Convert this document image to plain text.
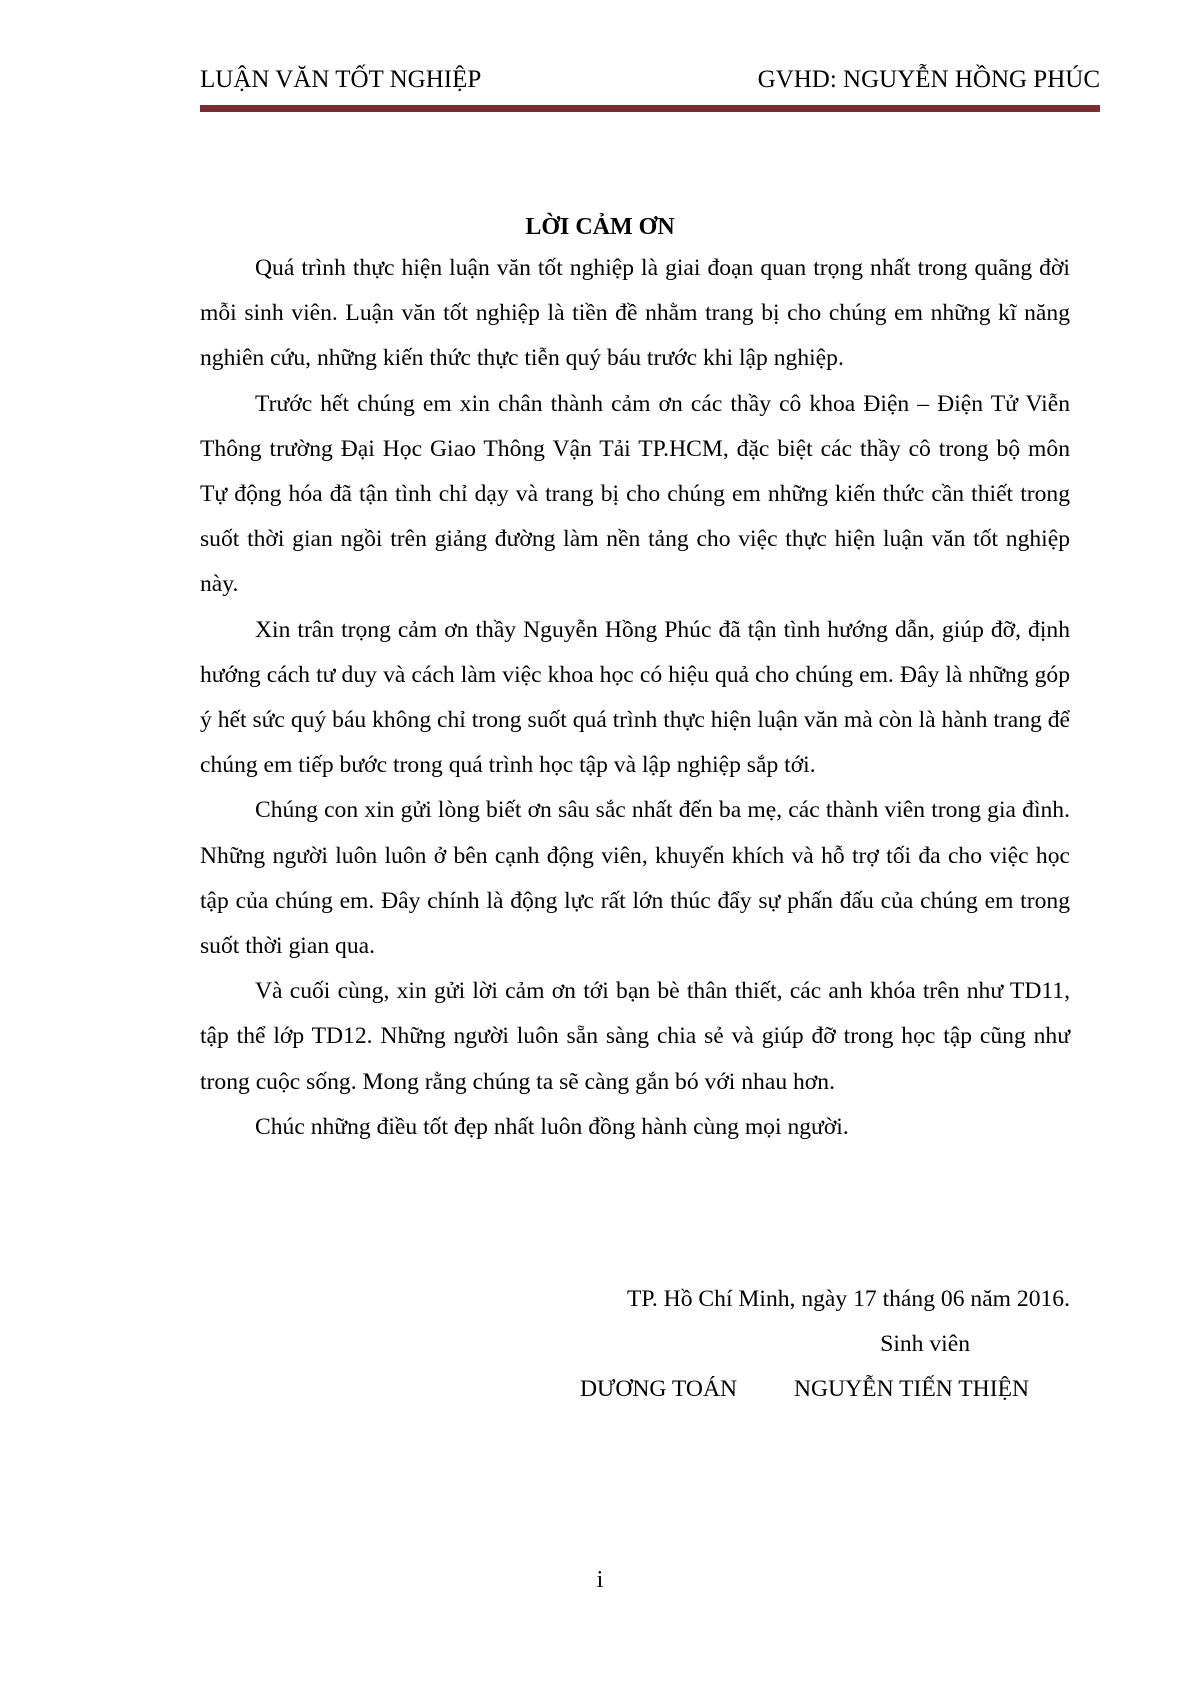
LUẬN VĂN TỐT NGHIỆP	GVHD: NGUYỄN HỒNG PHÚC
LỜI CẢM ƠN

Quá trình thực hiện luận văn tốt nghiệp là giai đoạn quan trọng nhất trong quãng đời mỗi sinh viên. Luận văn tốt nghiệp là tiền đề nhằm trang bị cho chúng em những kĩ năng nghiên cứu, những kiến thức thực tiễn quý báu trước khi lập nghiệp.

Trước hết chúng em xin chân thành cảm ơn các thầy cô khoa Điện – Điện Tử Viễn Thông trường Đại Học Giao Thông Vận Tải TP.HCM, đặc biệt các thầy cô trong bộ môn Tự động hóa đã tận tình chỉ dạy và trang bị cho chúng em những kiến thức cần thiết trong suốt thời gian ngồi trên giảng đường làm nền tảng cho việc thực hiện luận văn tốt nghiệp này.

Xin trân trọng cảm ơn thầy Nguyễn Hồng Phúc đã tận tình hướng dẫn, giúp đỡ, định hướng cách tư duy và cách làm việc khoa học có hiệu quả cho chúng em. Đây là những góp ý hết sức quý báu không chỉ trong suốt quá trình thực hiện luận văn mà còn là hành trang để chúng em tiếp bước trong quá trình học tập và lập nghiệp sắp tới.

Chúng con xin gửi lòng biết ơn sâu sắc nhất đến ba mẹ, các thành viên trong gia đình. Những người luôn luôn ở bên cạnh động viên, khuyến khích và hỗ trợ tối đa cho việc học tập của chúng em. Đây chính là động lực rất lớn thúc đẩy sự phấn đấu của chúng em trong suốt thời gian qua.

Và cuối cùng, xin gửi lời cảm ơn tới bạn bè thân thiết, các anh khóa trên như TD11, tập thể lớp TD12. Những người luôn sẵn sàng chia sẻ và giúp đỡ trong học tập cũng như trong cuộc sống. Mong rằng chúng ta sẽ càng gắn bó với nhau hơn.

Chúc những điều tốt đẹp nhất luôn đồng hành cùng mọi người.

TP. Hồ Chí Minh, ngày 17 tháng 06 năm 2016.
Sinh viên
DƯƠNG TOÁN NGUYỄN TIẾN THIỆN
i
